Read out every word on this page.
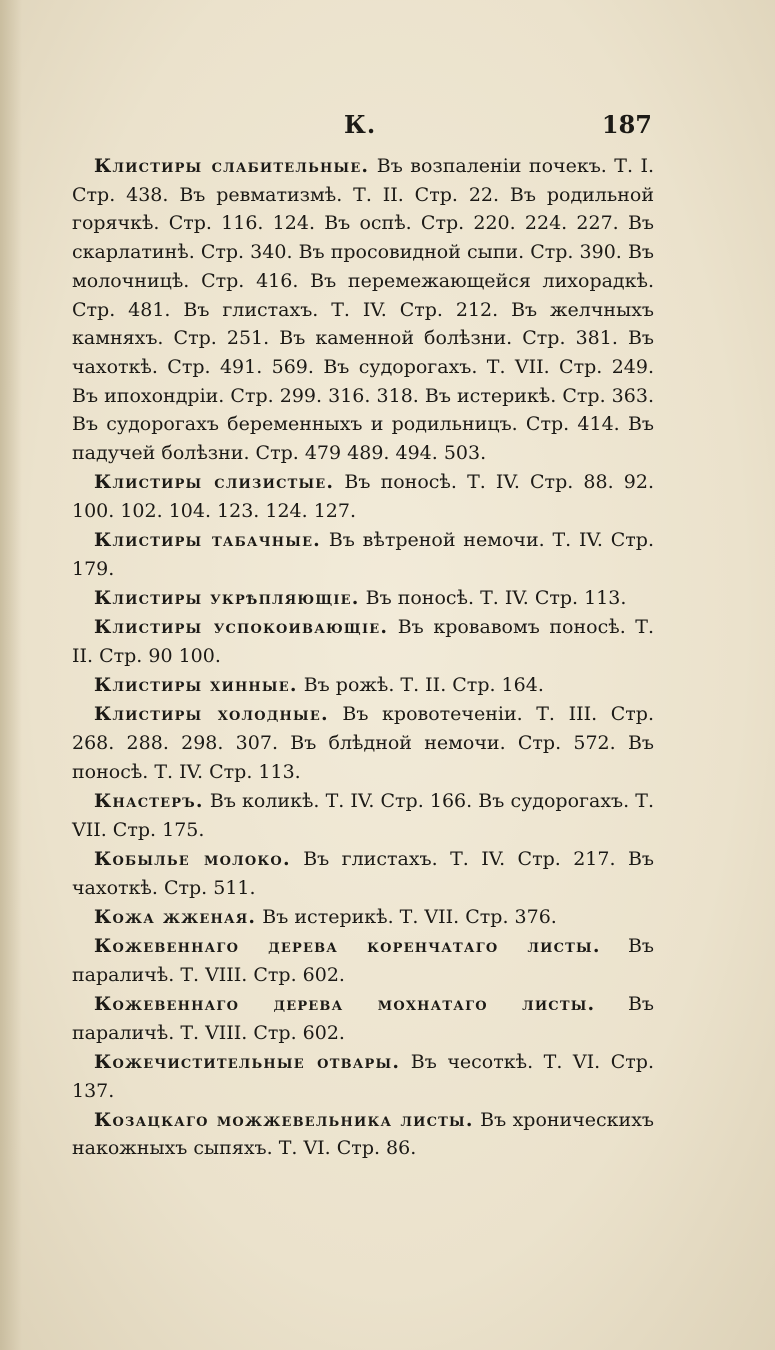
К.	187

Клистиры слабительные. Въ возпаленіи почекъ. Т. I. Стр. 438. Въ ревматизмѣ. Т. II. Стр. 22. Въ родильной горячкѣ. Стр. 116. 124. Въ оспѣ. Стр. 220. 224. 227. Въ скарлатинѣ. Стр. 340. Въ просовидной сыпи. Стр. 390. Въ молочницѣ. Стр. 416. Въ перемежающейся лихорадкѣ. Стр. 481. Въ глистахъ. Т. IV. Стр. 212. Въ желчныхъ камняхъ. Стр. 251. Въ каменной болѣзни. Стр. 381. Въ чахоткѣ. Стр. 491. 569. Въ судорогахъ. Т. VII. Стр. 249. Въ ипохондріи. Стр. 299. 316. 318. Въ истерикѣ. Стр. 363. Въ судорогахъ беременныхъ и родильницъ. Стр. 414. Въ падучей болѣзни. Стр. 479 489. 494. 503.

Клистиры слизистые. Въ поносѣ. Т. IV. Стр. 88. 92. 100. 102. 104. 123. 124. 127.

Клистиры табачные. Въ вѣтреной немочи. Т. IV. Стр. 179.

Клистиры укрѣпляющіе. Въ поносѣ. Т. IV. Стр. 113.

Клистиры успокоивающіе. Въ кровавомъ поносѣ. Т. II. Стр. 90 100.

Клистиры хинные. Въ рожѣ. Т. II. Стр. 164.

Клистиры холодные. Въ кровотеченіи. Т. III. Стр. 268. 288. 298. 307. Въ блѣдной немочи. Стр. 572. Въ поносѣ. Т. IV. Стр. 113.

Кнастеръ. Въ коликѣ. Т. IV. Стр. 166. Въ судорогахъ. Т. VII. Стр. 175.

Кобылье молоко. Въ глистахъ. Т. IV. Стр. 217. Въ чахоткѣ. Стр. 511.

Кожа жженая. Въ истерикѣ. Т. VII. Стр. 376.

Кожевеннаго дерева коренчатаго листы. Въ параличѣ. Т. VIII. Стр. 602.

Кожевеннаго дерева мохнатаго листы. Въ параличѣ. Т. VIII. Стр. 602.

Кожечистительные отвары. Въ чесоткѣ. Т. VI. Стр. 137.

Козацкаго можжевельника листы. Въ хроническихъ накожныхъ сыпяхъ. Т. VI. Стр. 86.
